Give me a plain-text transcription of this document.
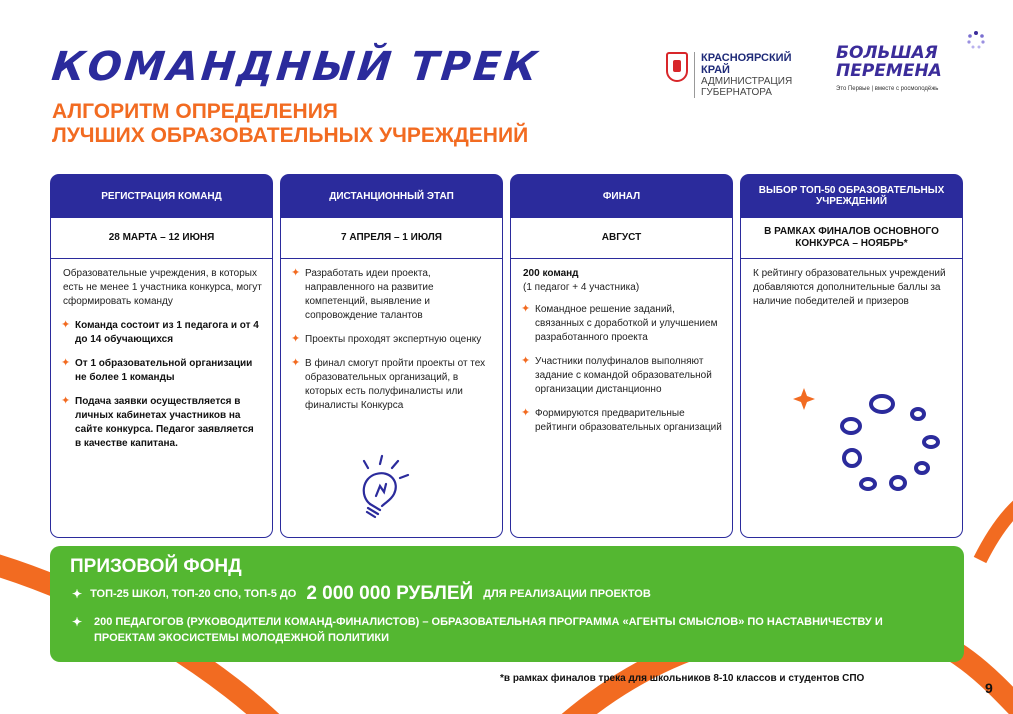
КОМАНДНЫЙ ТРЕК
АЛГОРИТМ ОПРЕДЕЛЕНИЯ
ЛУЧШИХ ОБРАЗОВАТЕЛЬНЫХ УЧРЕЖДЕНИЙ
КРАСНОЯРСКИЙ
КРАЙ
АДМИНИСТРАЦИЯ
ГУБЕРНАТОРА
БОЛЬШАЯ
ПЕРЕМЕНА
Это Первые | вместе с росмолодёжь
РЕГИСТРАЦИЯ КОМАНД
28 МАРТА – 12 ИЮНЯ

Образовательные учреждения, в которых есть не менее 1 участника конкурса, могут сформировать команду

✦ Команда состоит из 1 педагога и от 4 до 14 обучающихся
✦ От 1 образовательной организации не более 1 команды
✦ Подача заявки осуществляется в личных кабинетах участников на сайте конкурса. Педагог заявляется в качестве капитана.
ДИСТАНЦИОННЫЙ ЭТАП
7 АПРЕЛЯ – 1 ИЮЛЯ
✦ Разработать идеи проекта, направленного на развитие компетенций, выявление и сопровождение талантов
✦ Проекты проходят экспертную оценку
✦ В финал смогут пройти проекты от тех образовательных организаций, в которых есть полуфиналисты или финалисты Конкурса
ФИНАЛ
АВГУСТ

200 команд
(1 педагог + 4 участника)

✦ Командное решение заданий, связанных с доработкой и улучшением разработанного проекта
✦ Участники полуфиналов выполняют задание с командой образовательной организации дистанционно
✦ Формируются предварительные рейтинги образовательных организаций
ВЫБОР ТОП-50 ОБРАЗОВАТЕЛЬНЫХ УЧРЕЖДЕНИЙ
В РАМКАХ ФИНАЛОВ ОСНОВНОГО КОНКУРСА – НОЯБРЬ*

К рейтингу образовательных учреждений добавляются дополнительные баллы за наличие победителей и призеров

ПРИЗОВОЙ ФОНД
✦ ТОП-25 ШКОЛ, ТОП-20 СПО, ТОП-5 ДО 2 000 000 РУБЛЕЙ ДЛЯ РЕАЛИЗАЦИИ ПРОЕКТОВ
✦	200 ПЕДАГОГОВ (РУКОВОДИТЕЛИ КОМАНД-ФИНАЛИСТОВ) – ОБРАЗОВАТЕЛЬНАЯ ПРОГРАММА «АГЕНТЫ СМЫСЛОВ» ПО НАСТАВНИЧЕСТВУ И ПРОЕКТАМ ЭКОСИСТЕМЫ МОЛОДЕЖНОЙ ПОЛИТИКИ
*в рамках финалов трека для школьников 8-10 классов и студентов СПО
9
